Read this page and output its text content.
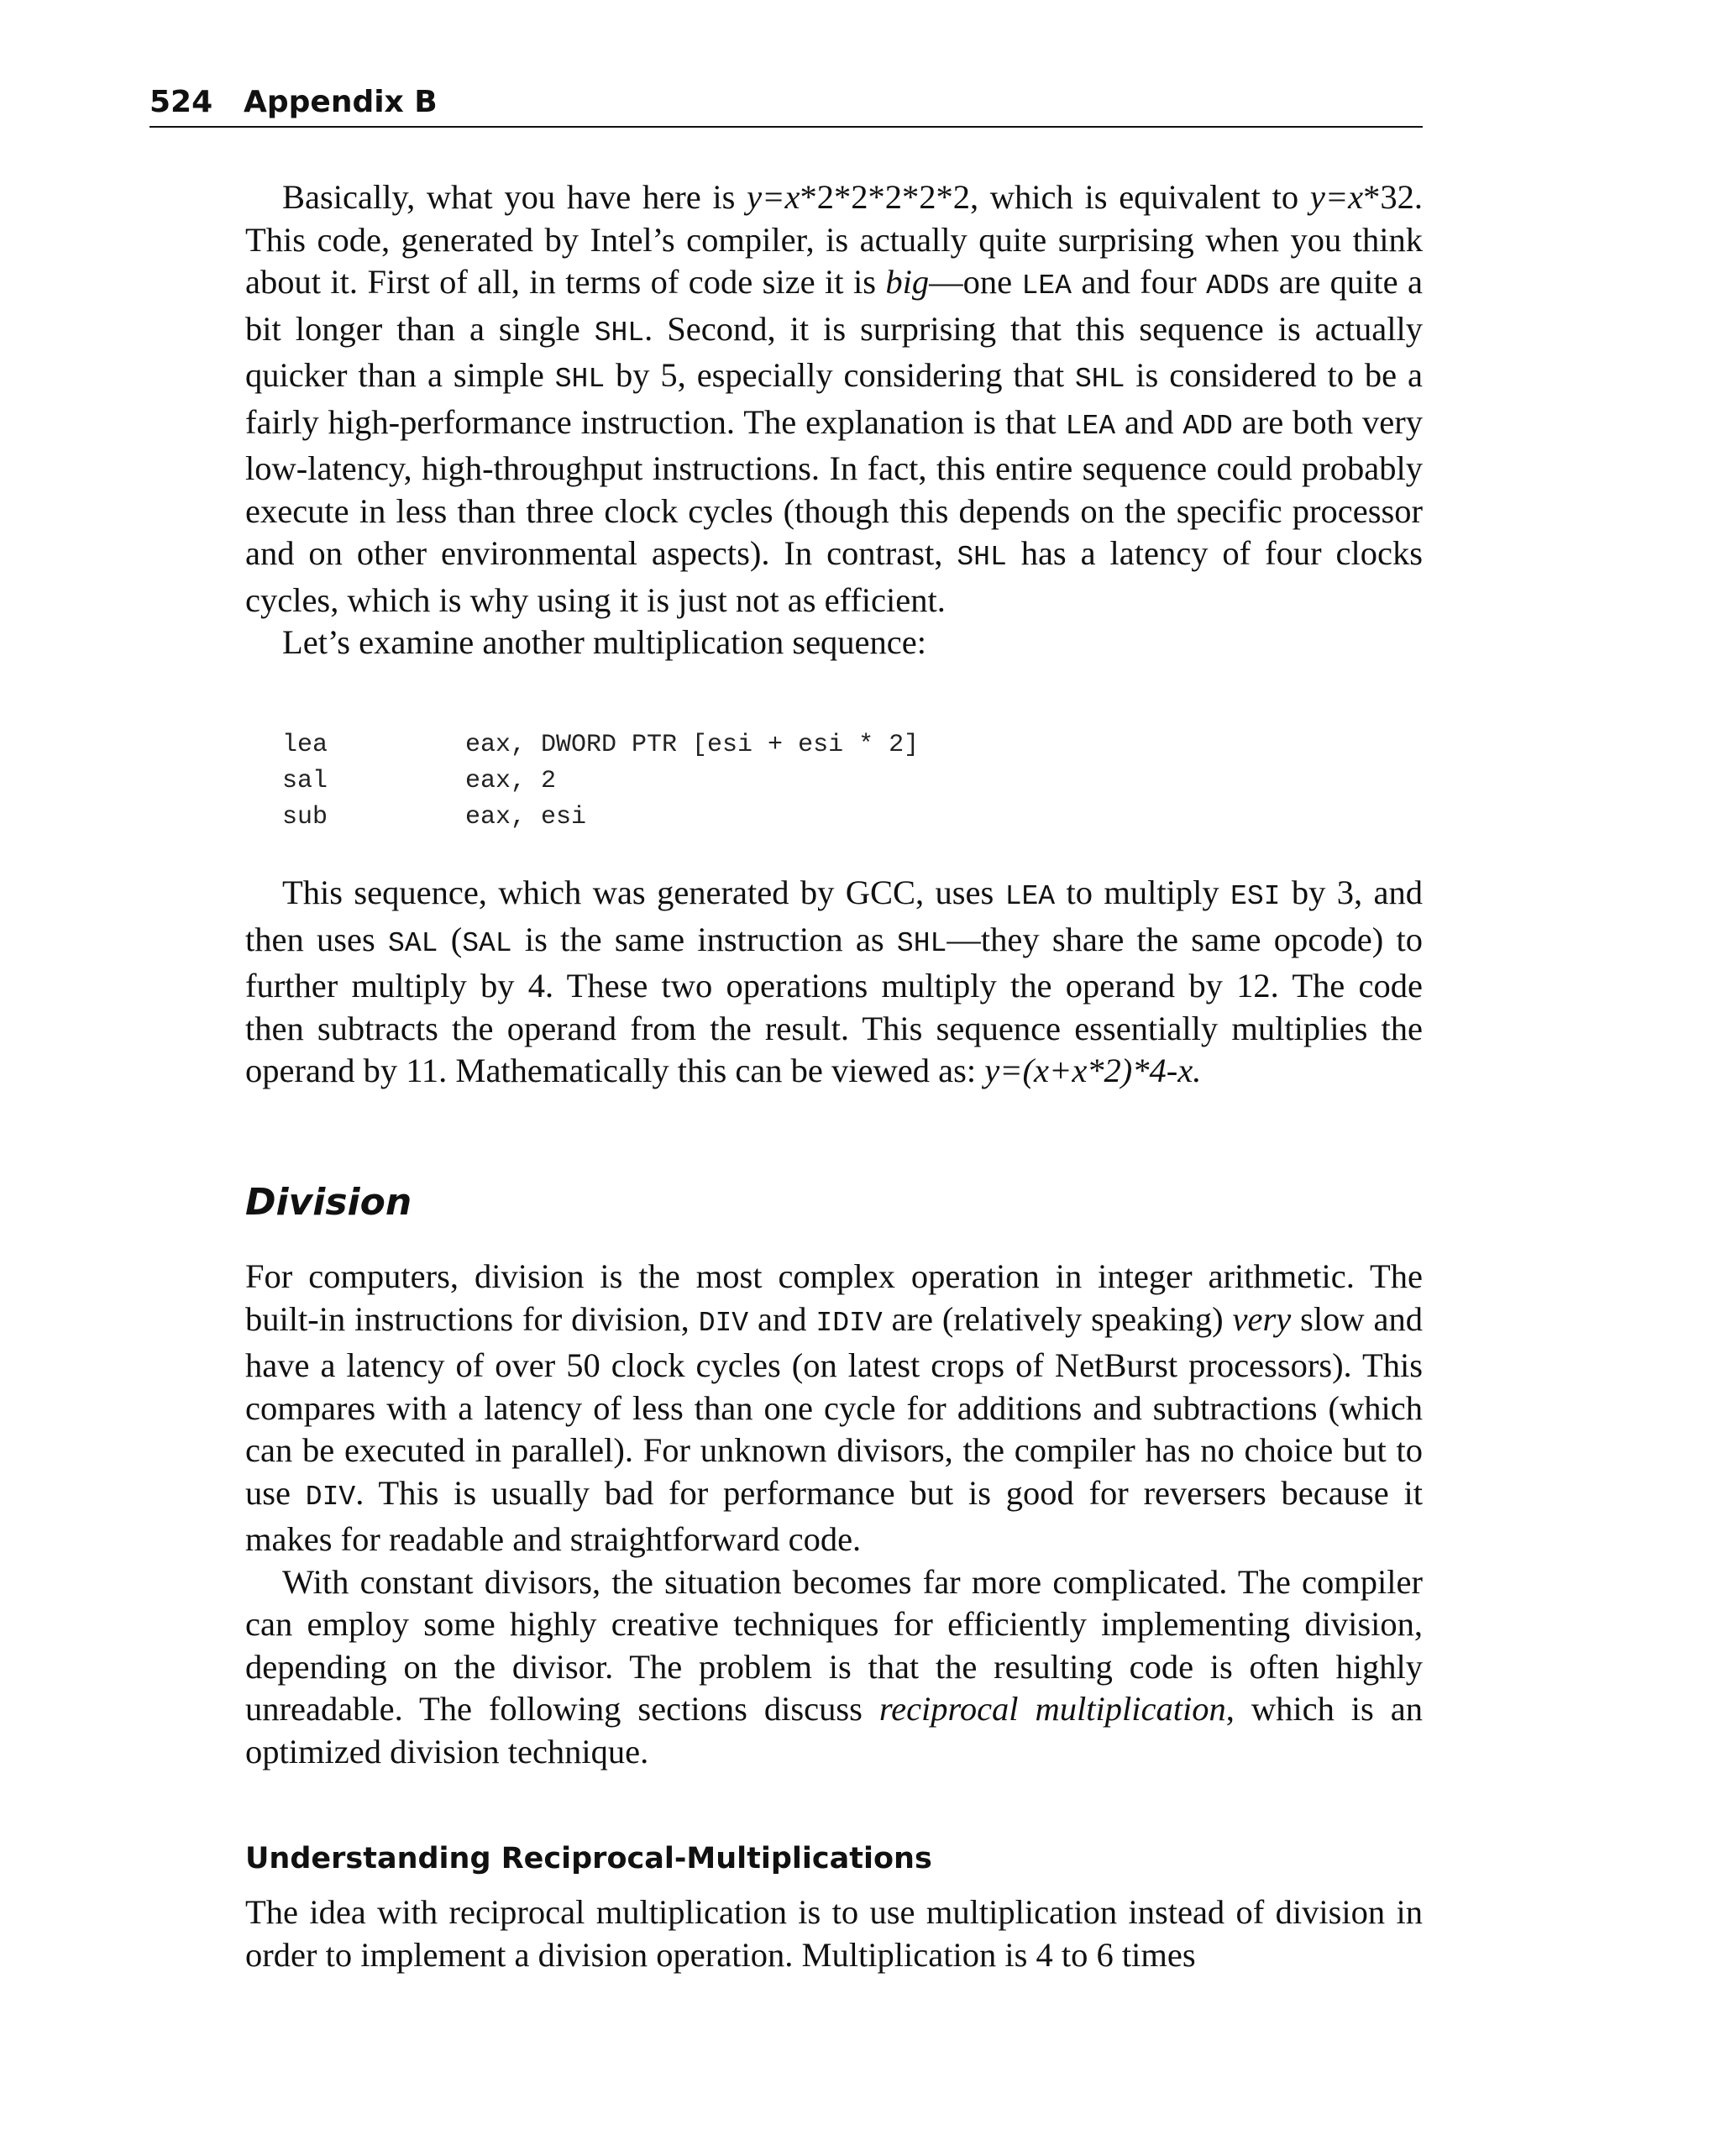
524 Appendix B

Basically, what you have here is y=x*2*2*2*2*2, which is equivalent to y=x*32. This code, generated by Intel’s compiler, is actually quite surprising when you think about it. First of all, in terms of code size it is big—one LEA and four ADDs are quite a bit longer than a single SHL. Second, it is surprising that this sequence is actually quicker than a simple SHL by 5, especially considering that SHL is considered to be a fairly high-performance instruction. The explanation is that LEA and ADD are both very low-latency, high-throughput instructions. In fact, this entire sequence could probably execute in less than three clock cycles (though this depends on the specific processor and on other environmental aspects). In contrast, SHL has a latency of four clocks cycles, which is why using it is just not as efficient.

Let’s examine another multiplication sequence:

lea	eax, DWORD PTR [esi + esi * 2]
sal	eax, 2
sub	eax, esi

This sequence, which was generated by GCC, uses LEA to multiply ESI by 3, and then uses SAL (SAL is the same instruction as SHL—they share the same opcode) to further multiply by 4. These two operations multiply the operand by 12. The code then subtracts the operand from the result. This sequence essentially multiplies the operand by 11. Mathematically this can be viewed as: y=(x+x*2)*4-x.

Division

For computers, division is the most complex operation in integer arithmetic. The built-in instructions for division, DIV and IDIV are (relatively speaking) very slow and have a latency of over 50 clock cycles (on latest crops of NetBurst processors). This compares with a latency of less than one cycle for additions and subtractions (which can be executed in parallel). For unknown divisors, the compiler has no choice but to use DIV. This is usually bad for performance but is good for reversers because it makes for readable and straightforward code.

With constant divisors, the situation becomes far more complicated. The compiler can employ some highly creative techniques for efficiently implementing division, depending on the divisor. The problem is that the resulting code is often highly unreadable. The following sections discuss reciprocal multiplication, which is an optimized division technique.

Understanding Reciprocal-Multiplications

The idea with reciprocal multiplication is to use multiplication instead of division in order to implement a division operation. Multiplication is 4 to 6 times
